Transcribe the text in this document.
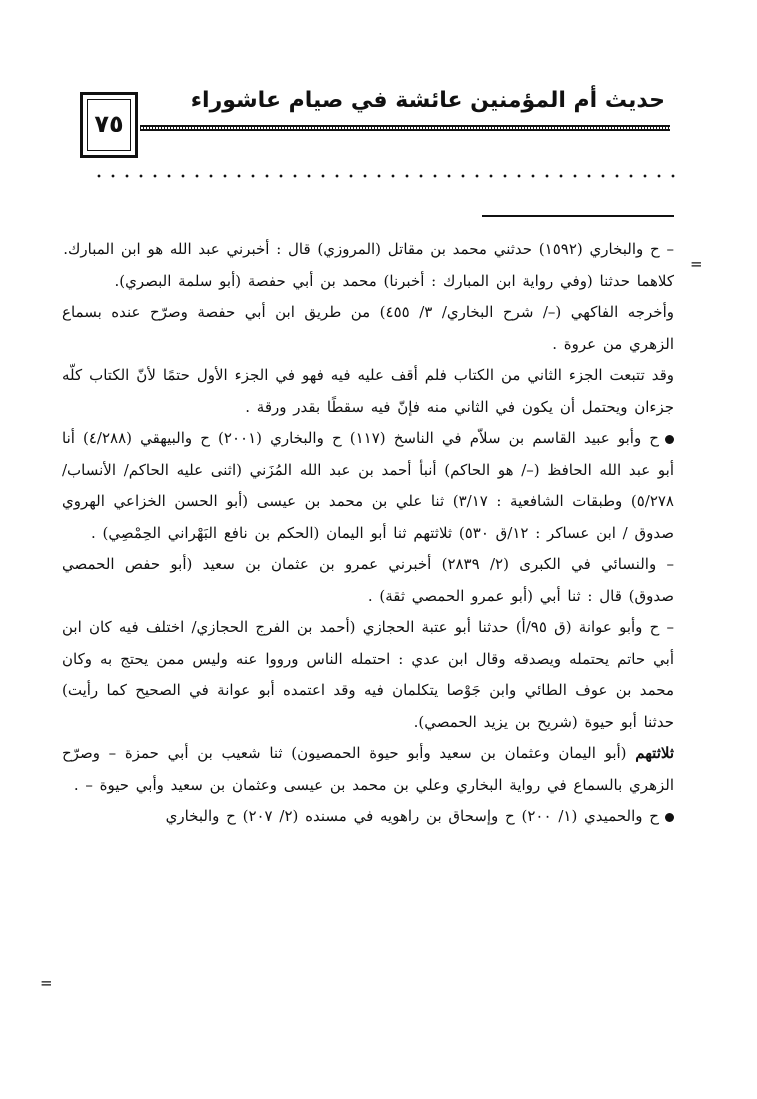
حديث أم المؤمنين عائشة في صيام عاشوراء
٧٥
=
=

– ح والبخاري (١٥٩٢) حدثني محمد بن مقاتل (المروزي) قال : أخبرني عبد الله هو ابن المبارك.

كلاهما حدثنا (وفي رواية ابن المبارك : أخبرنا) محمد بن أبي حفصة (أبو سلمة البصري).

وأخرجه الفاكهي (–/ شرح البخاري/ ٣/ ٤٥٥) من طريق ابن أبي حفصة وصرّح عنده بسماع الزهري من عروة .

وقد تتبعت الجزء الثاني من الكتاب فلم أقف عليه فيه فهو في الجزء الأول حتمًا لأنّ الكتاب كلّه جزءان ويحتمل أن يكون في الثاني منه فإنّ فيه سقطًا بقدر ورقة .

ح وأبو عبيد القاسم بن سلاّم في الناسخ (١١٧) ح والبخاري (٢٠٠١) ح والبيهقي (٤/٢٨٨) أنا أبو عبد الله الحافظ (–/ هو الحاكم) أنبأ أحمد بن عبد الله المُزَني (اثنى عليه الحاكم/ الأنساب/ ٥/٢٧٨) وطبقات الشافعية : ٣/١٧) ثنا علي بن محمد بن عيسى (أبو الحسن الخزاعي الهروي صدوق / ابن عساكر : ١٢/ق ٥٣٠) ثلاثتهم ثنا أبو اليمان (الحكم بن نافع البَهْراني الحِمْصِي) .

– والنسائي في الكبرى (٢/ ٢٨٣٩) أخبرني عمرو بن عثمان بن سعيد (أبو حفص الحمصي صدوق) قال : ثنا أبي (أبو عمرو الحمصي ثقة) .

– ح وأبو عوانة (ق ٩٥/أ) حدثنا أبو عتبة الحجازي (أحمد بن الفرج الحجازي/ اختلف فيه كان ابن أبي حاتم يحتمله ويصدقه وقال ابن عدي : احتمله الناس ورووا عنه وليس ممن يحتج به وكان محمد بن عوف الطائي وابن جَوْصا يتكلمان فيه وقد اعتمده أبو عوانة في الصحيح كما رأيت) حدثنا أبو حيوة (شريح بن يزيد الحمصي).

ثلاثتهم (أبو اليمان وعثمان بن سعيد وأبو حيوة الحمصيون) ثنا شعيب بن أبي حمزة – وصرّح الزهري بالسماع في رواية البخاري وعلي بن محمد بن عيسى وعثمان بن سعيد وأبي حيوة – .

ح والحميدي (١/ ٢٠٠) ح وإسحاق بن راهويه في مسنده (٢/ ٢٠٧) ح والبخاري
